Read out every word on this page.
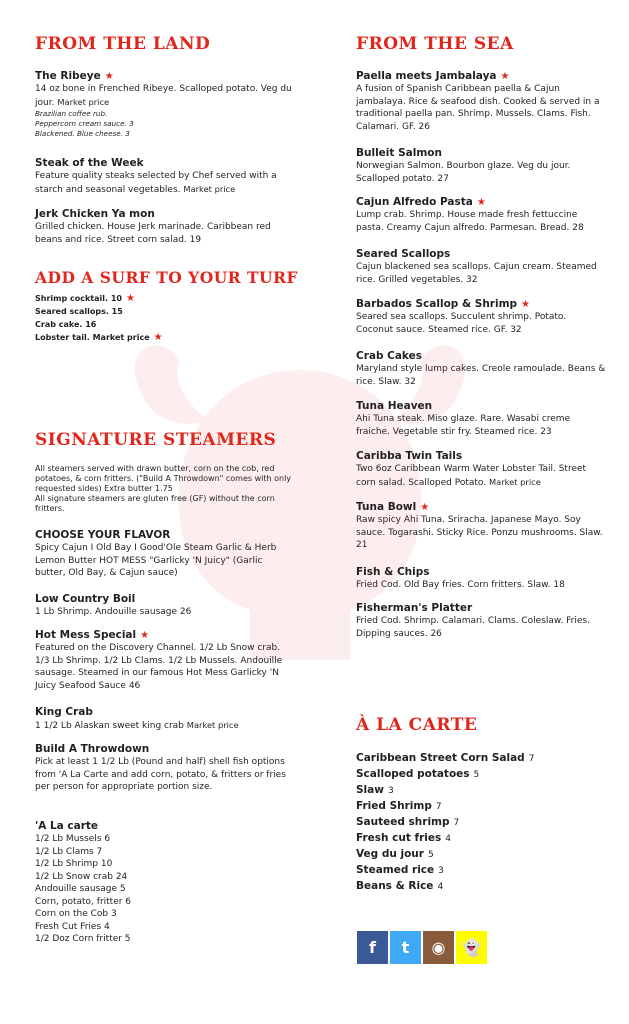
FROM THE LAND
The Ribeye ★
14 oz bone in Frenched Ribeye. Scalloped potato. Veg du jour. Market price
Brazilian coffee rub.
Peppercorn cream sauce. 3
Blackened. Blue cheese. 3
Steak of the Week
Feature quality steaks selected by Chef served with a starch and seasonal vegetables. Market price
Jerk Chicken Ya mon
Grilled chicken. House Jerk marinade. Caribbean red beans and rice. Street corn salad. 19
ADD A SURF TO YOUR TURF
Shrimp cocktail. 10 ★
Seared scallops. 15
Crab cake. 16
Lobster tail. Market price ★
SIGNATURE STEAMERS
All steamers served with drawn butter, corn on the cob, red potatoes, & corn fritters. ("Build A Throwdown" comes with only requested sides) Extra butter 1.75
All signature steamers are gluten free (GF) without the corn fritters.
CHOOSE YOUR FLAVOR
Spicy Cajun I Old Bay I Good'Ole Steam Garlic & Herb Lemon Butter HOT MESS "Garlicky 'N Juicy" (Garlic butter, Old Bay, & Cajun sauce)
Low Country Boil
1 Lb Shrimp. Andouille sausage 26
Hot Mess Special ★
Featured on the Discovery Channel. 1/2 Lb Snow crab. 1/3 Lb Shrimp. 1/2 Lb Clams. 1/2 Lb Mussels. Andouille sausage. Steamed in our famous Hot Mess Garlicky 'N Juicy Seafood Sauce 46
King Crab
1 1/2 Lb Alaskan sweet king crab Market price
Build A Throwdown
Pick at least 1 1/2 Lb (Pound and half) shell fish options from 'A La Carte and add corn, potato, & fritters or fries per person for appropriate portion size.
'A La carte
1/2 Lb Mussels 6
1/2 Lb Clams 7
1/2 Lb Shrimp 10
1/2 Lb Snow crab 24
Andouille sausage 5
Corn, potato, fritter 6
Corn on the Cob 3
Fresh Cut Fries 4
1/2 Doz Corn fritter 5
FROM THE SEA
Paella meets Jambalaya ★
A fusion of Spanish Caribbean paella & Cajun jambalaya. Rice & seafood dish. Cooked & served in a traditional paella pan. Shrimp. Mussels. Clams. Fish. Calamari. GF. 26
Bulleit Salmon
Norwegian Salmon. Bourbon glaze. Veg du jour. Scalloped potato. 27
Cajun Alfredo Pasta ★
Lump crab. Shrimp. House made fresh fettuccine pasta. Creamy Cajun alfredo. Parmesan. Bread. 28
Seared Scallops
Cajun blackened sea scallops. Cajun cream. Steamed rice. Grilled vegetables. 32
Barbados Scallop & Shrimp ★
Seared sea scallops. Succulent shrimp. Potato. Coconut sauce. Steamed rice. GF. 32
Crab Cakes
Maryland style lump cakes. Creole ramoulade. Beans & rice. Slaw. 32
Tuna Heaven
Ahi Tuna steak. Miso glaze. Rare. Wasabi creme fraiche. Vegetable stir fry. Steamed rice. 23
Caribba Twin Tails
Two 6oz Caribbean Warm Water Lobster Tail. Street corn salad. Scalloped Potato. Market price
Tuna Bowl ★
Raw spicy Ahi Tuna. Sriracha. Japanese Mayo. Soy sauce. Togarashi. Sticky Rice. Ponzu mushrooms. Slaw. 21
Fish & Chips
Fried Cod. Old Bay fries. Corn fritters. Slaw. 18
Fisherman's Platter
Fried Cod. Shrimp. Calamari. Clams. Coleslaw. Fries. Dipping sauces. 26
À LA CARTE
Caribbean Street Corn Salad 7
Scalloped potatoes 5
Slaw 3
Fried Shrimp 7
Sauteed shrimp 7
Fresh cut fries 4
Veg du jour 5
Steamed rice 3
Beans & Rice 4
f	t	◉	👻
